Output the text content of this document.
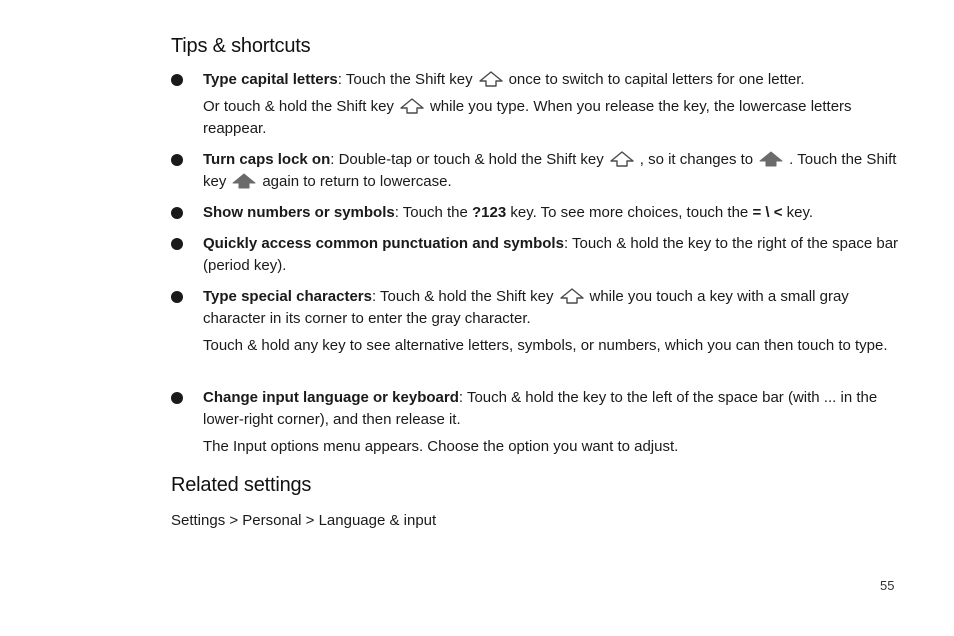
Tips & shortcuts

Type capital letters: Touch the Shift key once to switch to capital letters for one letter.

Or touch & hold the Shift key while you type. When you release the key, the lowercase letters reappear.

Turn caps lock on: Double-tap or touch & hold the Shift key , so it changes to . Touch the Shift key again to return to lowercase.

Show numbers or symbols: Touch the ?123 key. To see more choices, touch the = \ < key.

Quickly access common punctuation and symbols: Touch & hold the key to the right of the space bar (period key).

Type special characters: Touch & hold the Shift key while you touch a key with a small gray character in its corner to enter the gray character.

Touch & hold any key to see alternative letters, symbols, or numbers, which you can then touch to type.

Change input language or keyboard: Touch & hold the key to the left of the space bar (with ... in the lower-right corner), and then release it.

The Input options menu appears. Choose the option you want to adjust.

Related settings
Settings > Personal > Language & input
55
